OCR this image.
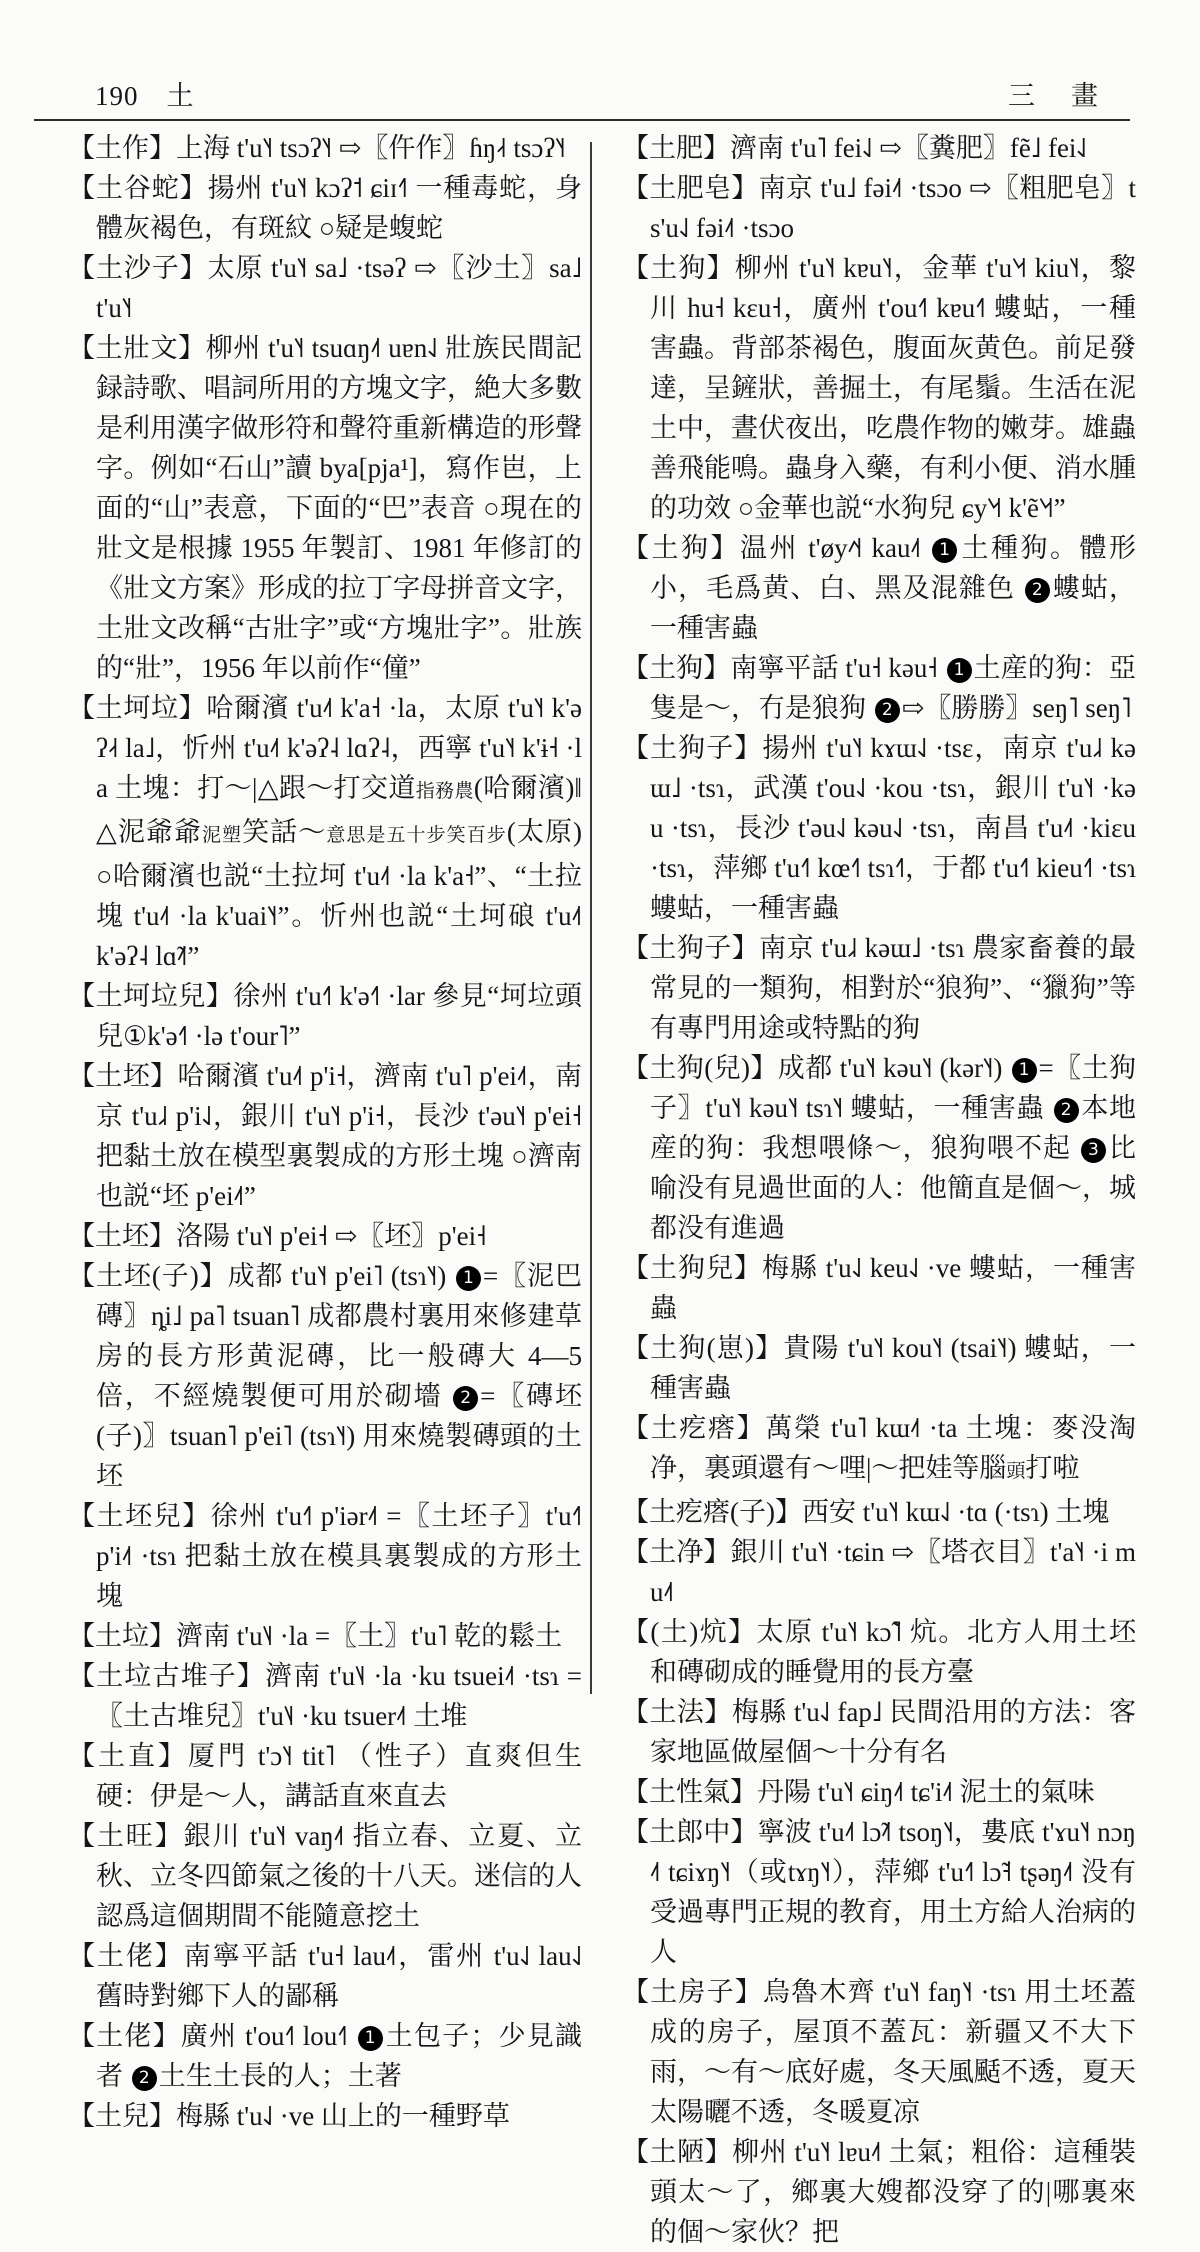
190 土	三畫

【土作】上海 t'u˥˧ tsɔʔ˥˧ ⇨〖仵作〗ɦŋ˨˧ tsɔʔ˥˧

【土谷蛇】揚州 t'u˥˧ kɔʔ˦ ɕiɪ˧˥ 一種毒蛇，身體灰褐色，有斑紋 ○疑是蝮蛇

【土沙子】太原 t'u˥˧ sa˩ ·tsəʔ ⇨〖沙土〗sa˩ t'u˥˧

【土壯文】柳州 t'u˥˧ tsuɑŋ˨˦ uɐn˨˩ 壯族民間記録詩歌、唱詞所用的方塊文字，絶大多數是利用漢字做形符和聲符重新構造的形聲字。例如“石山”讀 bya[pja¹]，寫作岜，上面的“山”表意，下面的“巴”表音 ○現在的壯文是根據 1955 年製訂、1981 年修訂的《壯文方案》形成的拉丁字母拼音文字，土壯文改稱“古壯字”或“方塊壯字”。壯族的“壯”，1956 年以前作“僮”

【土坷垃】哈爾濱 t'u˨˦ k'a˧ ·la，太原 t'u˥˧ k'əʔ˨˧ la˩，忻州 t'u˨˦ k'əʔ˨ lɑʔ˨，西寧 t'u˥˧ k'ɨ˧ ·la 土塊：打～|△跟～打交道指務農(哈爾濱)‖△泥爺爺泥塑笑話～意思是五十步笑百步(太原) ○哈爾濱也説“土拉坷 t'u˨˦ ·la k'a˧”、“土拉塊 t'u˨˦ ·la k'uai˥˧”。忻州也説“土坷硠 t'u˨˦ k'əʔ˨ lɑ̃˨˦”

【土坷垃兒】徐州 t'u˧˥ k'ə˧˥ ·lar 參見“坷垃頭兒①k'ə˧˥ ·lə t'our˥”

【土坯】哈爾濱 t'u˨˦ p'i˧，濟南 t'u˥ p'ei˨˦，南京 t'u˩˨ p'i˨˩，銀川 t'u˥˧ p'i˧，長沙 t'əu˥˧ p'ei˧ 把黏土放在模型裏製成的方形土塊 ○濟南也説“坯 p'ei˨˦”

【土坯】洛陽 t'u˥˧ p'ei˧ ⇨〖坯〗p'ei˧

【土坯(子)】成都 t'u˥˧ p'ei˥ (tsɿ˥˧) 1 =〖泥巴磚〗ȵi˩ pa˥ tsuan˥ 成都農村裏用來修建草房的長方形黄泥磚，比一般磚大 4—5 倍，不經燒製便可用於砌墻 2 =〖磚坯(子)〗tsuan˥ p'ei˥ (tsɿ˥˧) 用來燒製磚頭的土坯

【土坯兒】徐州 t'u˧˥ p'iər˨˦ =〖土坯子〗t'u˧˥ p'i˨˦ ·tsɿ 把黏土放在模具裏製成的方形土塊

【土垃】濟南 t'u˥˨ ·la =〖土〗t'u˥ 乾的鬆土

【土垃古堆子】濟南 t'u˥˨ ·la ·ku tsuei˨˦ ·tsɿ =〖土古堆兒〗t'u˥˨ ·ku tsuer˨˦ 土堆

【土直】厦門 t'ɔ˥˧ tit˥ （性子）直爽但生硬：伊是～人，講話直來直去

【土旺】銀川 t'u˥˧ vaŋ˨˦ 指立春、立夏、立秋、立冬四節氣之後的十八天。迷信的人認爲這個期間不能隨意挖土

【土佬】南寧平話 t'u˧ lau˨˦，雷州 t'u˨˩ lau˨˩ 舊時對鄉下人的鄙稱

【土佬】廣州 t'ou˧˥ lou˧˥ 1 土包子；少見識者 2 土生土長的人；土著

【土兒】梅縣 t'u˨˩ ·ve 山上的一種野草

【土肥】濟南 t'u˥ fei˨˩ ⇨〖糞肥〗fẽ˩ fei˨˩

【土肥皂】南京 t'u˩ fəi˨˦ ·tsɔo ⇨〖粗肥皂〗ts'u˨˩ fəi˨˦ ·tsɔo

【土狗】柳州 t'u˥˧ kɐu˥˧，金華 t'u˥˧˦ kiu˥˧，黎川 hu˧ kɛu˧，廣州 t'ou˧˥ kɐu˧˥ 螻蛄，一種害蟲。背部茶褐色，腹面灰黄色。前足發達，呈鏟狀，善掘土，有尾鬚。生活在泥土中，晝伏夜出，吃農作物的嫩芽。雄蟲善飛能鳴。蟲身入藥，有利小便、消水腫的功效 ○金華也説“水狗兒 ɕy˥˧˦ k'ẽ˥˧˦”

【土狗】温州 t'øy˨˦˧ kau˨˦ 1 土種狗。體形小，毛爲黄、白、黑及混雜色 2 螻蛄，一種害蟲

【土狗】南寧平話 t'u˧ kəu˧ 1 土産的狗：亞隻是～，冇是狼狗 2 ⇨〖勝勝〗seŋ˥ seŋ˥

【土狗子】揚州 t'u˥˧ kɤɯ˨˩ ·tsɛ，南京 t'u˩˨ kəɯ˩ ·tsɿ，武漢 t'ou˨˩ ·kou ·tsɿ，銀川 t'u˥˧ ·kəu ·tsɿ，長沙 t'əu˨˩ kəu˨˩ ·tsɿ，南昌 t'u˨˦ ·kiɛu ·tsɿ，萍鄉 t'u˧˥ kœ˧˥ tsɿ˧˥，于都 t'u˧˥ kieu˧˥ ·tsɿ 螻蛄，一種害蟲

【土狗子】南京 t'u˩˨ kəɯ˩ ·tsɿ 農家畜養的最常見的一類狗，相對於“狼狗”、“獵狗”等有專門用途或特點的狗

【土狗(兒)】成都 t'u˥˧ kəu˥˧ (kər˥˧) 1 =〖土狗子〗t'u˥˧ kəu˥˧ tsɿ˥˧ 螻蛄，一種害蟲 2 本地産的狗：我想喂條～，狼狗喂不起 3 比喻没有見過世面的人：他簡直是個～，城都没有進過

【土狗兒】梅縣 t'u˨˩ keu˨˩ ·ve 螻蛄，一種害蟲

【土狗(崽)】貴陽 t'u˥˧ kou˥˧ (tsai˥˧) 螻蛄，一種害蟲

【土疙瘩】萬榮 t'u˥ kɯ˨˦ ·ta 土塊：麥没淘净，裏頭還有～哩|～把娃等腦頭打啦

【土疙瘩(子)】西安 t'u˥˧ kɯ˨˩ ·tɑ (·tsɿ) 土塊

【土净】銀川 t'u˥˧ ·tɕin ⇨〖塔衣目〗t'a˥˧ ·i mu˨˦

【(土)炕】太原 t'u˥˧ kɔ̃˥ 炕。北方人用土坯和磚砌成的睡覺用的長方臺

【土法】梅縣 t'u˨˩ fap˩ 民間沿用的方法：客家地區做屋個～十分有名

【土性氣】丹陽 t'u˥˧ ɕiŋ˨˦ tɕ'i˨˦ 泥土的氣味

【土郎中】寧波 t'u˨˦ lɔ̃˨˦ tsoŋ˥˧，婁底 t'ɤu˥˧ nɔŋ˨˦ tɕiɤŋ˥˧（或tɤŋ˥˧），萍鄉 t'u˧˥ lɔ̃˧ tʂəŋ˨˦ 没有受過專門正規的教育，用土方給人治病的人

【土房子】烏魯木齊 t'u˥˧ faŋ˥˧ ·tsɿ 用土坯蓋成的房子，屋頂不蓋瓦：新疆又不大下雨，～有～底好處，冬天風颳不透，夏天太陽曬不透，冬暖夏凉

【土陋】柳州 t'u˥˧ lɐu˨˦ 土氣；粗俗：這種裝頭太～了，鄉裏大嫂都没穿了的|哪裏來的個～家伙？把
